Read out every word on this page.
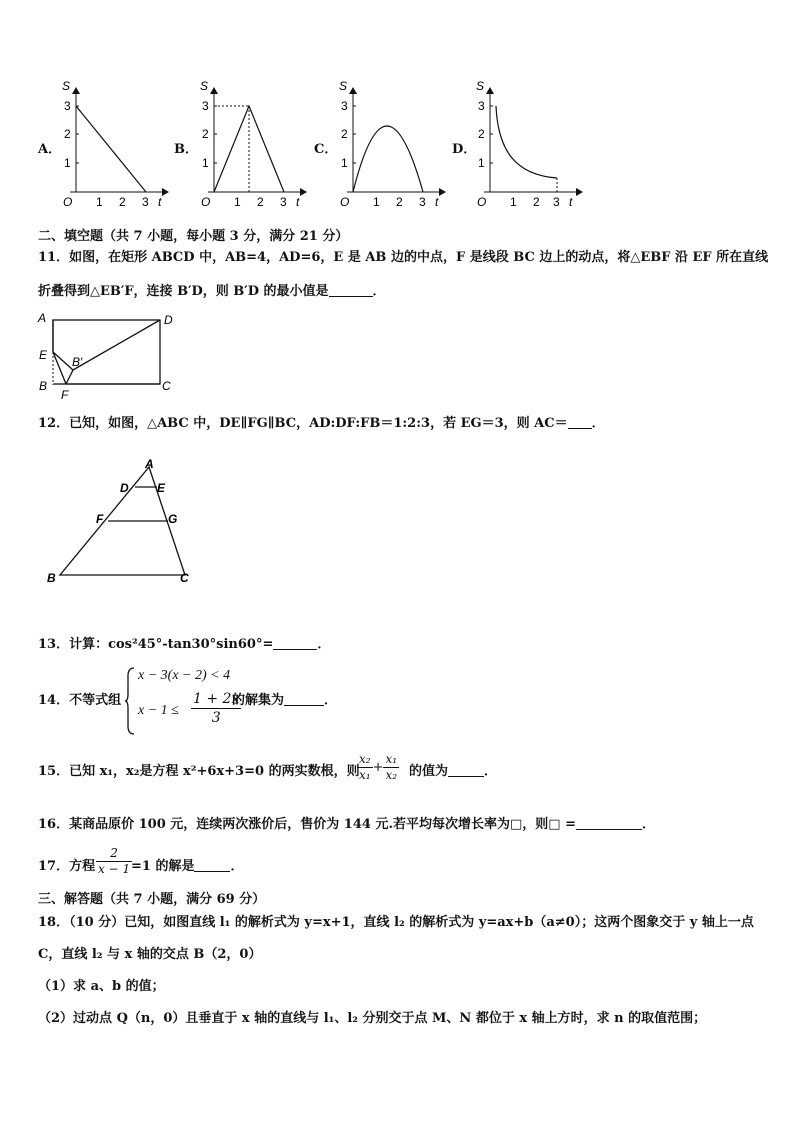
A．	B．	C．	D．
S
3
2
1
O 1 2 3 t
S
3
2
1
O 1 2 3 t
S
3
2
1
O 1 2 3 t
S
3
2
1
O 1 2 3 t
二、填空题（共 7 小题，每小题 3 分，满分 21 分）
11．如图，在矩形 ABCD 中，AB=4，AD=6，E 是 AB 边的中点，F 是线段 BC 边上的动点，将△EBF 沿 EF 所在直线
折叠得到△EB′F，连接 B′D，则 B′D 的最小值是	．
A	D
E B′
B	C
F
12．已知，如图，△ABC 中，DE∥FG∥BC，AD:DF:FB＝1:2:3，若 EG＝3，则 AC＝ ．
A
D E
F	G
B	C
13．计算：cos²45°-tan30°sin60°=	．
14．不等式组
x − 3(x − 2) < 4
$x - 1 \le \frac{1 + 2x}{3}$
的解集为	．
15．已知 x₁，x₂是方程 x²+6x+3=0 的两实数根，则
$\frac{\text{x₂}}{\text{x₁}} + \frac{\text{x₁}}{\text{x₂}}$ 的值为	．
16．某商品原价 100 元，连续两次涨价后，售价为 144 元.若平均每次增长率为□，则□ =	．
17．方程 $\frac{2}{x - 1}$
=1 的解是	．
三、解答题（共 7 小题，满分 69 分）
18．（10 分）已知，如图直线 l₁ 的解析式为 y=x+1，直线 l₂ 的解析式为 y=ax+b（a≠0）；这两个图象交于 y 轴上一点
C，直线 l₂ 与 x 轴的交点 B（2，0）
（1）求 a、b 的值；
（2）过动点 Q（n，0）且垂直于 x 轴的直线与 l₁、l₂ 分别交于点 M、N 都位于 x 轴上方时，求 n 的取值范围；
